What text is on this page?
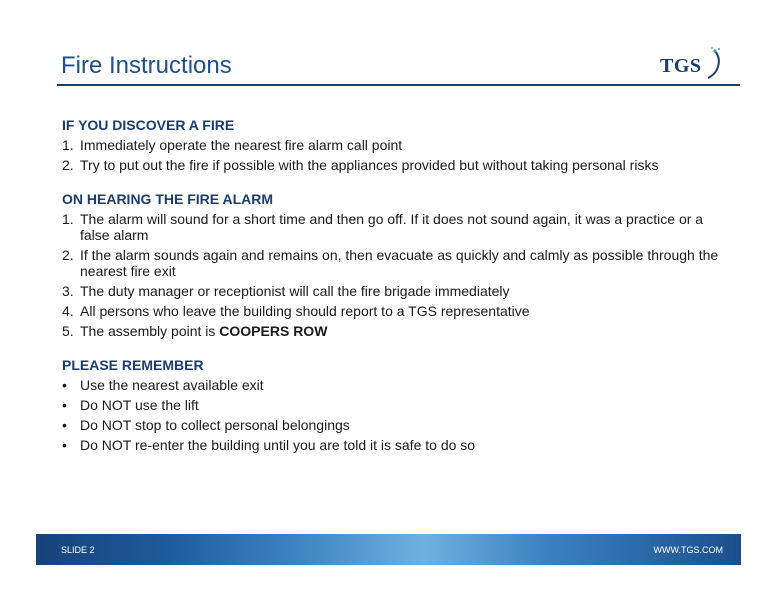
Fire Instructions	TGS
IF YOU DISCOVER A FIRE
1. Immediately operate the nearest fire alarm call point
2. Try to put out the fire if possible with the appliances provided but without taking personal risks
ON HEARING THE FIRE ALARM
1. The alarm will sound for a short time and then go off. If it does not sound again, it was a practice or a false alarm
2. If the alarm sounds again and remains on, then evacuate as quickly and calmly as possible through the nearest fire exit
3. The duty manager or receptionist will call the fire brigade immediately
4. All persons who leave the building should report to a TGS representative
5. The assembly point is COOPERS ROW
PLEASE REMEMBER
• Use the nearest available exit
• Do NOT use the lift
• Do NOT stop to collect personal belongings
• Do NOT re-enter the building until you are told it is safe to do so
SLIDE 2	WWW.TGS.COM
